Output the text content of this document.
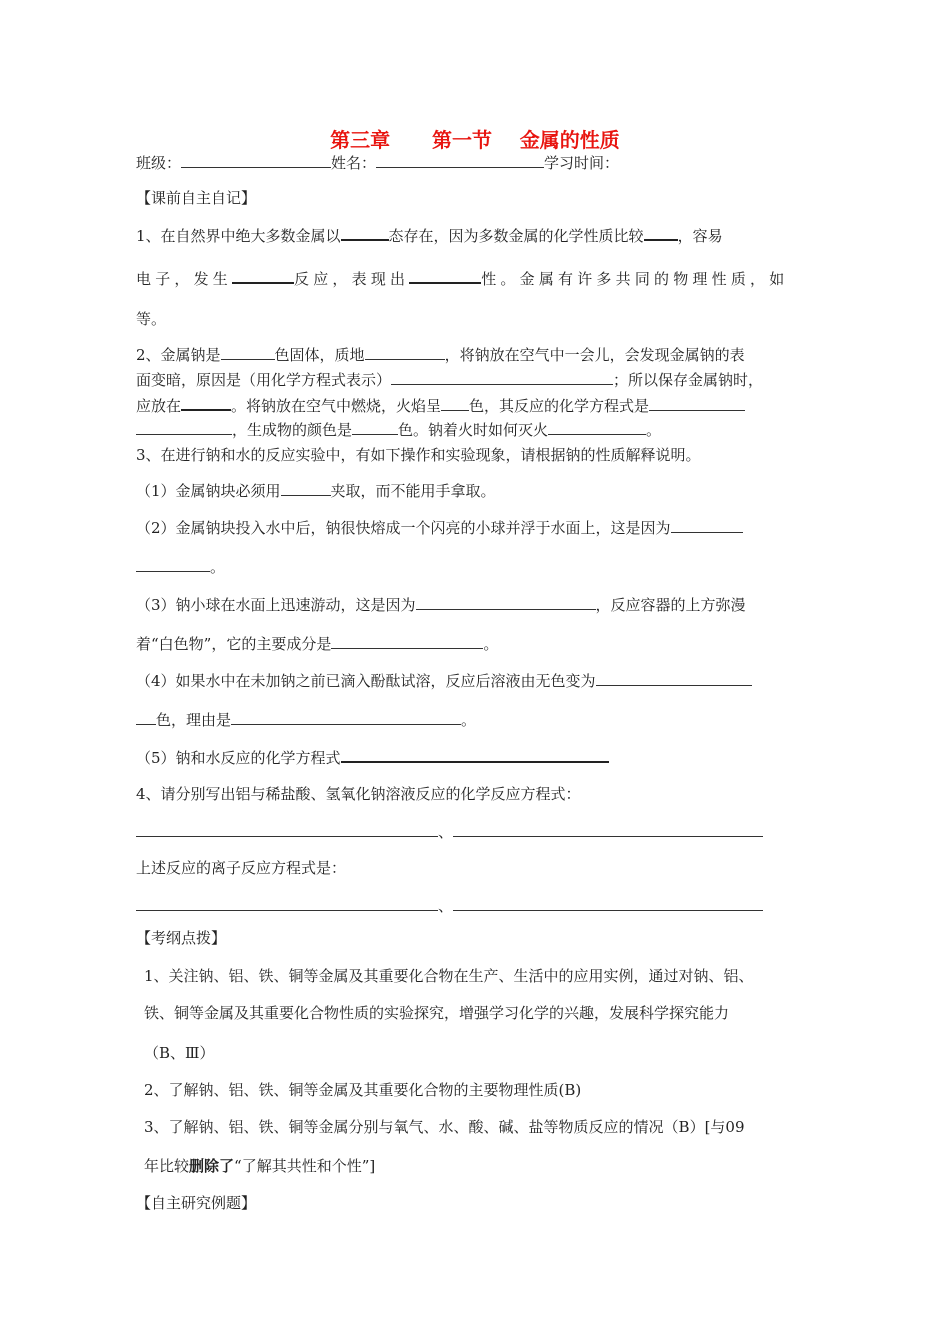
第三章      第一节    金属的性质
班级：	姓名：	学习时间：
【课前自主自记】
1、在自然界中绝大多数金属以	态存在，因为多数金属的化学性质比较 ，容易
电子，发生	反应，表现出	性。金属有许多共同的物理性质，如
等。
2、金属钠是	色固体，质地	，将钠放在空气中一会儿，会发现金属钠的表
面变暗，原因是（用化学方程式表示）	；所以保存金属钠时，
应放在	。将钠放在空气中燃烧，火焰呈 色，其反应的化学方程式是
，生成物的颜色是	色。钠着火时如何灭火	。
3、在进行钠和水的反应实验中，有如下操作和实验现象，请根据钠的性质解释说明。
（1）金属钠块必须用	夹取，而不能用手拿取。
（2）金属钠块投入水中后，钠很快熔成一个闪亮的小球并浮于水面上，这是因为
。
（3）钠小球在水面上迅速游动，这是因为	，反应容器的上方弥漫
着“白色物”，它的主要成分是	。
（4）如果水中在未加钠之前已滴入酚酞试溶，反应后溶液由无色变为
色，理由是	。
（5）钠和水反应的化学方程式
4、请分别写出铝与稀盐酸、氢氧化钠溶液反应的化学反应方程式：
、
上述反应的离子反应方程式是：
、
【考纲点拨】
1、关注钠、铝、铁、铜等金属及其重要化合物在生产、生活中的应用实例，通过对钠、铝、
铁、铜等金属及其重要化合物性质的实验探究，增强学习化学的兴趣，发展科学探究能力
（B、Ⅲ）
2、了解钠、铝、铁、铜等金属及其重要化合物的主要物理性质(B)
3、了解钠、铝、铁、铜等金属分别与氧气、水、酸、碱、盐等物质反应的情况（B）[与09
年比较删除了“了解其共性和个性”]
【自主研究例题】
